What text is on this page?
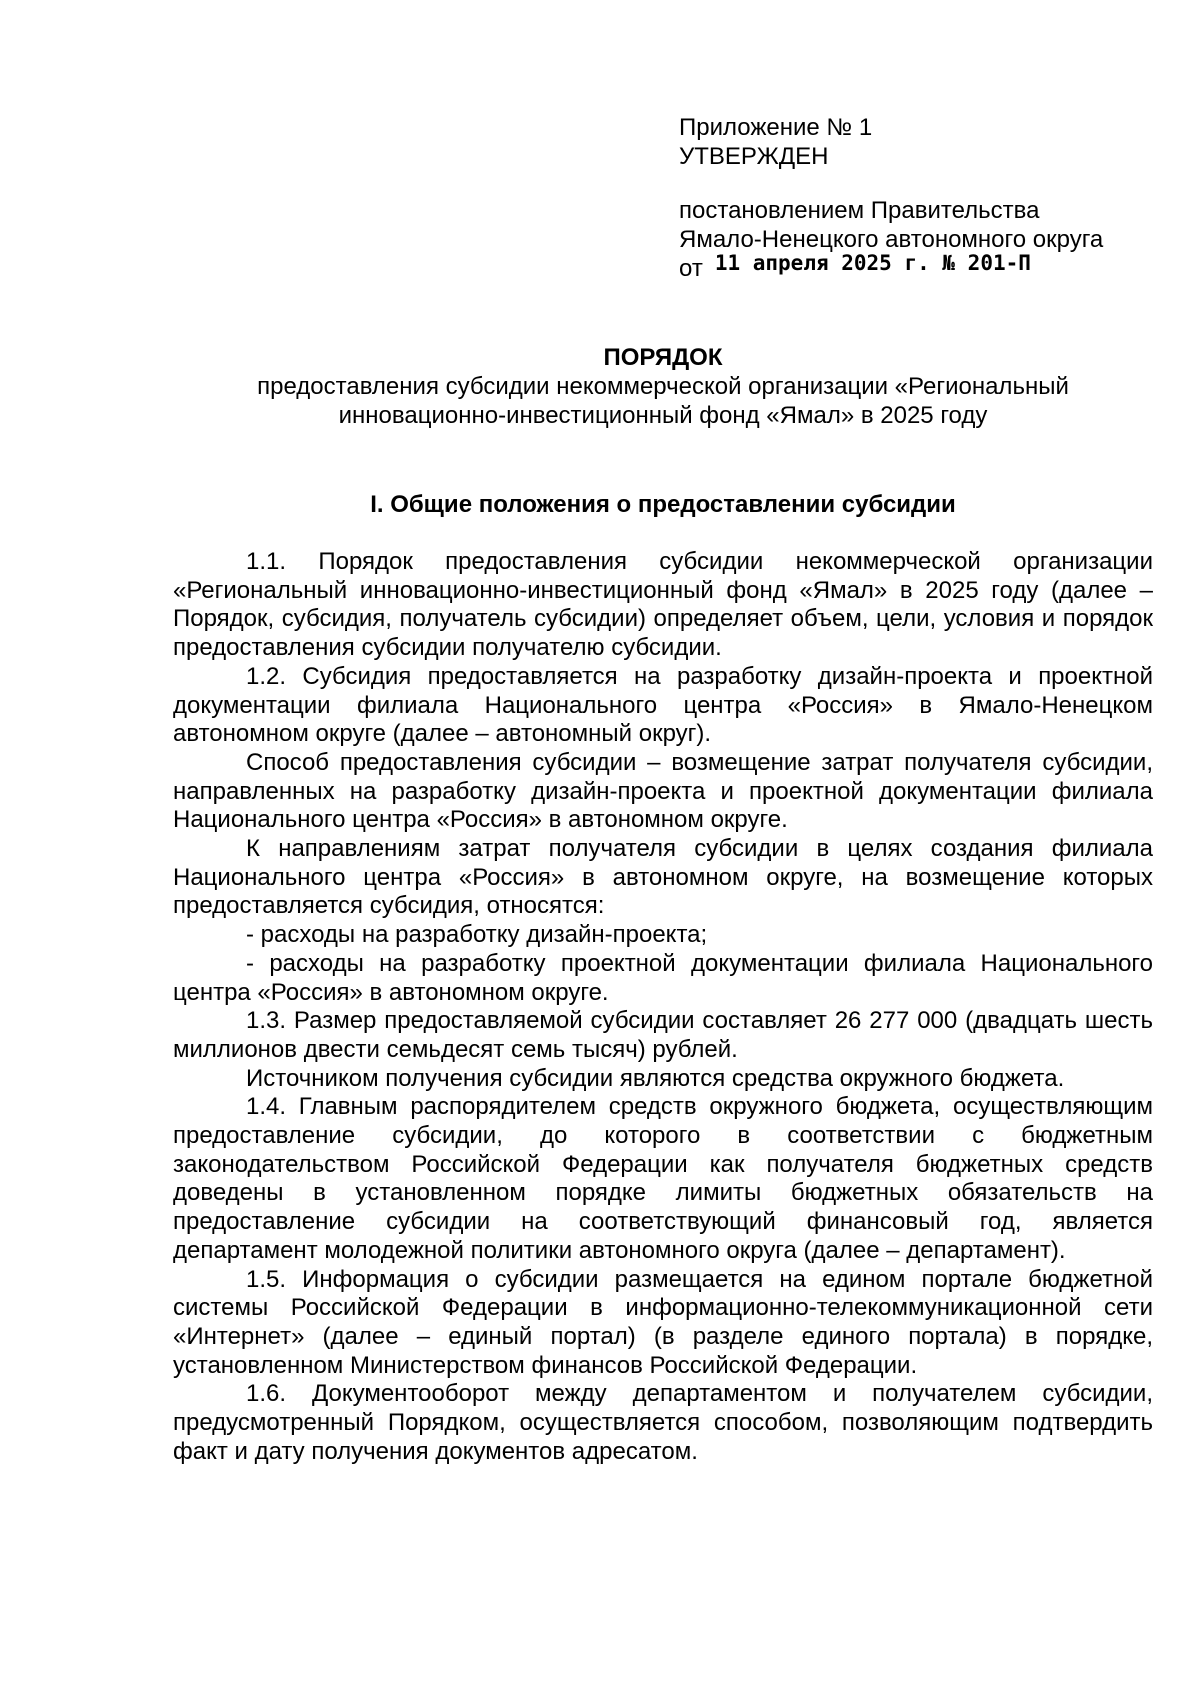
Приложение № 1
УТВЕРЖДЕН
постановлением Правительства
Ямало-Ненецкого автономного округа
от 11 апреля 2025 г. № 201-П
ПОРЯДОК
предоставления субсидии некоммерческой организации «Региональный
инновационно-инвестиционный фонд «Ямал» в 2025 году
I. Общие положения о предоставлении субсидии

1.1. Порядок предоставления субсидии некоммерческой организации «Региональный инновационно-инвестиционный фонд «Ямал» в 2025 году (далее – Порядок, субсидия, получатель субсидии) определяет объем, цели, условия и порядок предоставления субсидии получателю субсидии.

1.2. Субсидия предоставляется на разработку дизайн-проекта и проектной документации филиала Национального центра «Россия» в Ямало-Ненецком автономном округе (далее – автономный округ).

Способ предоставления субсидии – возмещение затрат получателя субсидии, направленных на разработку дизайн-проекта и проектной документации филиала Национального центра «Россия» в автономном округе.

К направлениям затрат получателя субсидии в целях создания филиала Национального центра «Россия» в автономном округе, на возмещение которых предоставляется субсидия, относятся:

- расходы на разработку дизайн-проекта;

- расходы на разработку проектной документации филиала Национального центра «Россия» в автономном округе.

1.3. Размер предоставляемой субсидии составляет 26 277 000 (двадцать шесть миллионов двести семьдесят семь тысяч) рублей.

Источником получения субсидии являются средства окружного бюджета.

1.4. Главным распорядителем средств окружного бюджета, осуществляющим предоставление субсидии, до которого в соответствии с бюджетным законодательством Российской Федерации как получателя бюджетных средств доведены в установленном порядке лимиты бюджетных обязательств на предоставление субсидии на соответствующий финансовый год, является департамент молодежной политики автономного округа (далее – департамент).

1.5. Информация о субсидии размещается на едином портале бюджетной системы Российской Федерации в информационно-телекоммуникационной сети «Интернет» (далее – единый портал) (в разделе единого портала) в порядке, установленном Министерством финансов Российской Федерации.

1.6. Документооборот между департаментом и получателем субсидии, предусмотренный Порядком, осуществляется способом, позволяющим подтвердить факт и дату получения документов адресатом.
